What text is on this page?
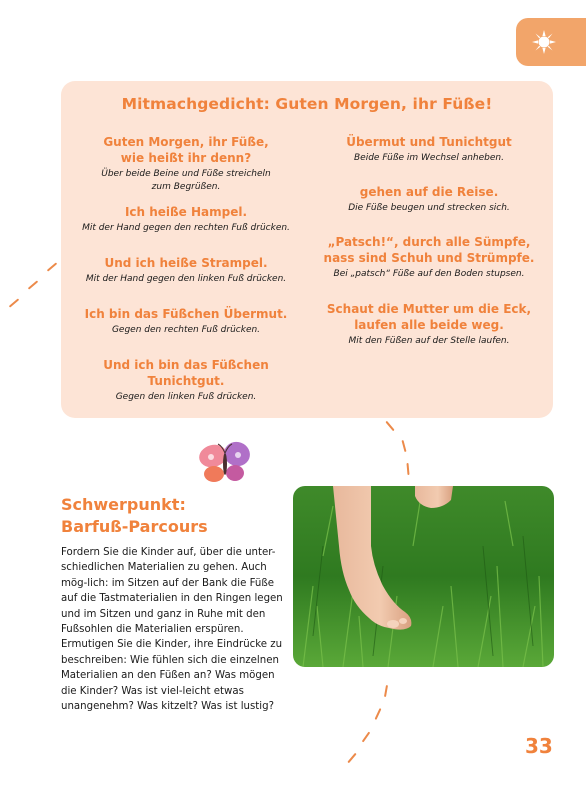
Mitmachgedicht: Guten Morgen, ihr Füße!
Guten Morgen, ihr Füße,
wie heißt ihr denn?
Über beide Beine und Füße streicheln
zum Begrüßen.
Ich heiße Hampel.
Mit der Hand gegen den rechten Fuß drücken.
Und ich heiße Strampel.
Mit der Hand gegen den linken Fuß drücken.
Ich bin das Füßchen Übermut.
Gegen den rechten Fuß drücken.
Und ich bin das Füßchen Tunichtgut.
Gegen den linken Fuß drücken.
Übermut und Tunichtgut
Beide Füße im Wechsel anheben.
gehen auf die Reise.
Die Füße beugen und strecken sich.
„Patsch!“, durch alle Sümpfe,
nass sind Schuh und Strümpfe.
Bei „patsch“ Füße auf den Boden stupsen.
Schaut die Mutter um die Eck,
laufen alle beide weg.
Mit den Füßen auf der Stelle laufen.
Schwerpunkt:
Barfuß-Parcours
Fordern Sie die Kinder auf, über die unter-schiedlichen Materialien zu gehen. Auch mög-lich: im Sitzen auf der Bank die Füße auf die Tastmaterialien in den Ringen legen und im Sitzen und ganz in Ruhe mit den Fußsohlen die Materialien erspüren. Ermutigen Sie die Kinder, ihre Eindrücke zu beschreiben: Wie fühlen sich die einzelnen Materialien an den Füßen an? Was mögen die Kinder? Was ist viel-leicht etwas unangenehm? Was kitzelt? Was ist lustig?
33
